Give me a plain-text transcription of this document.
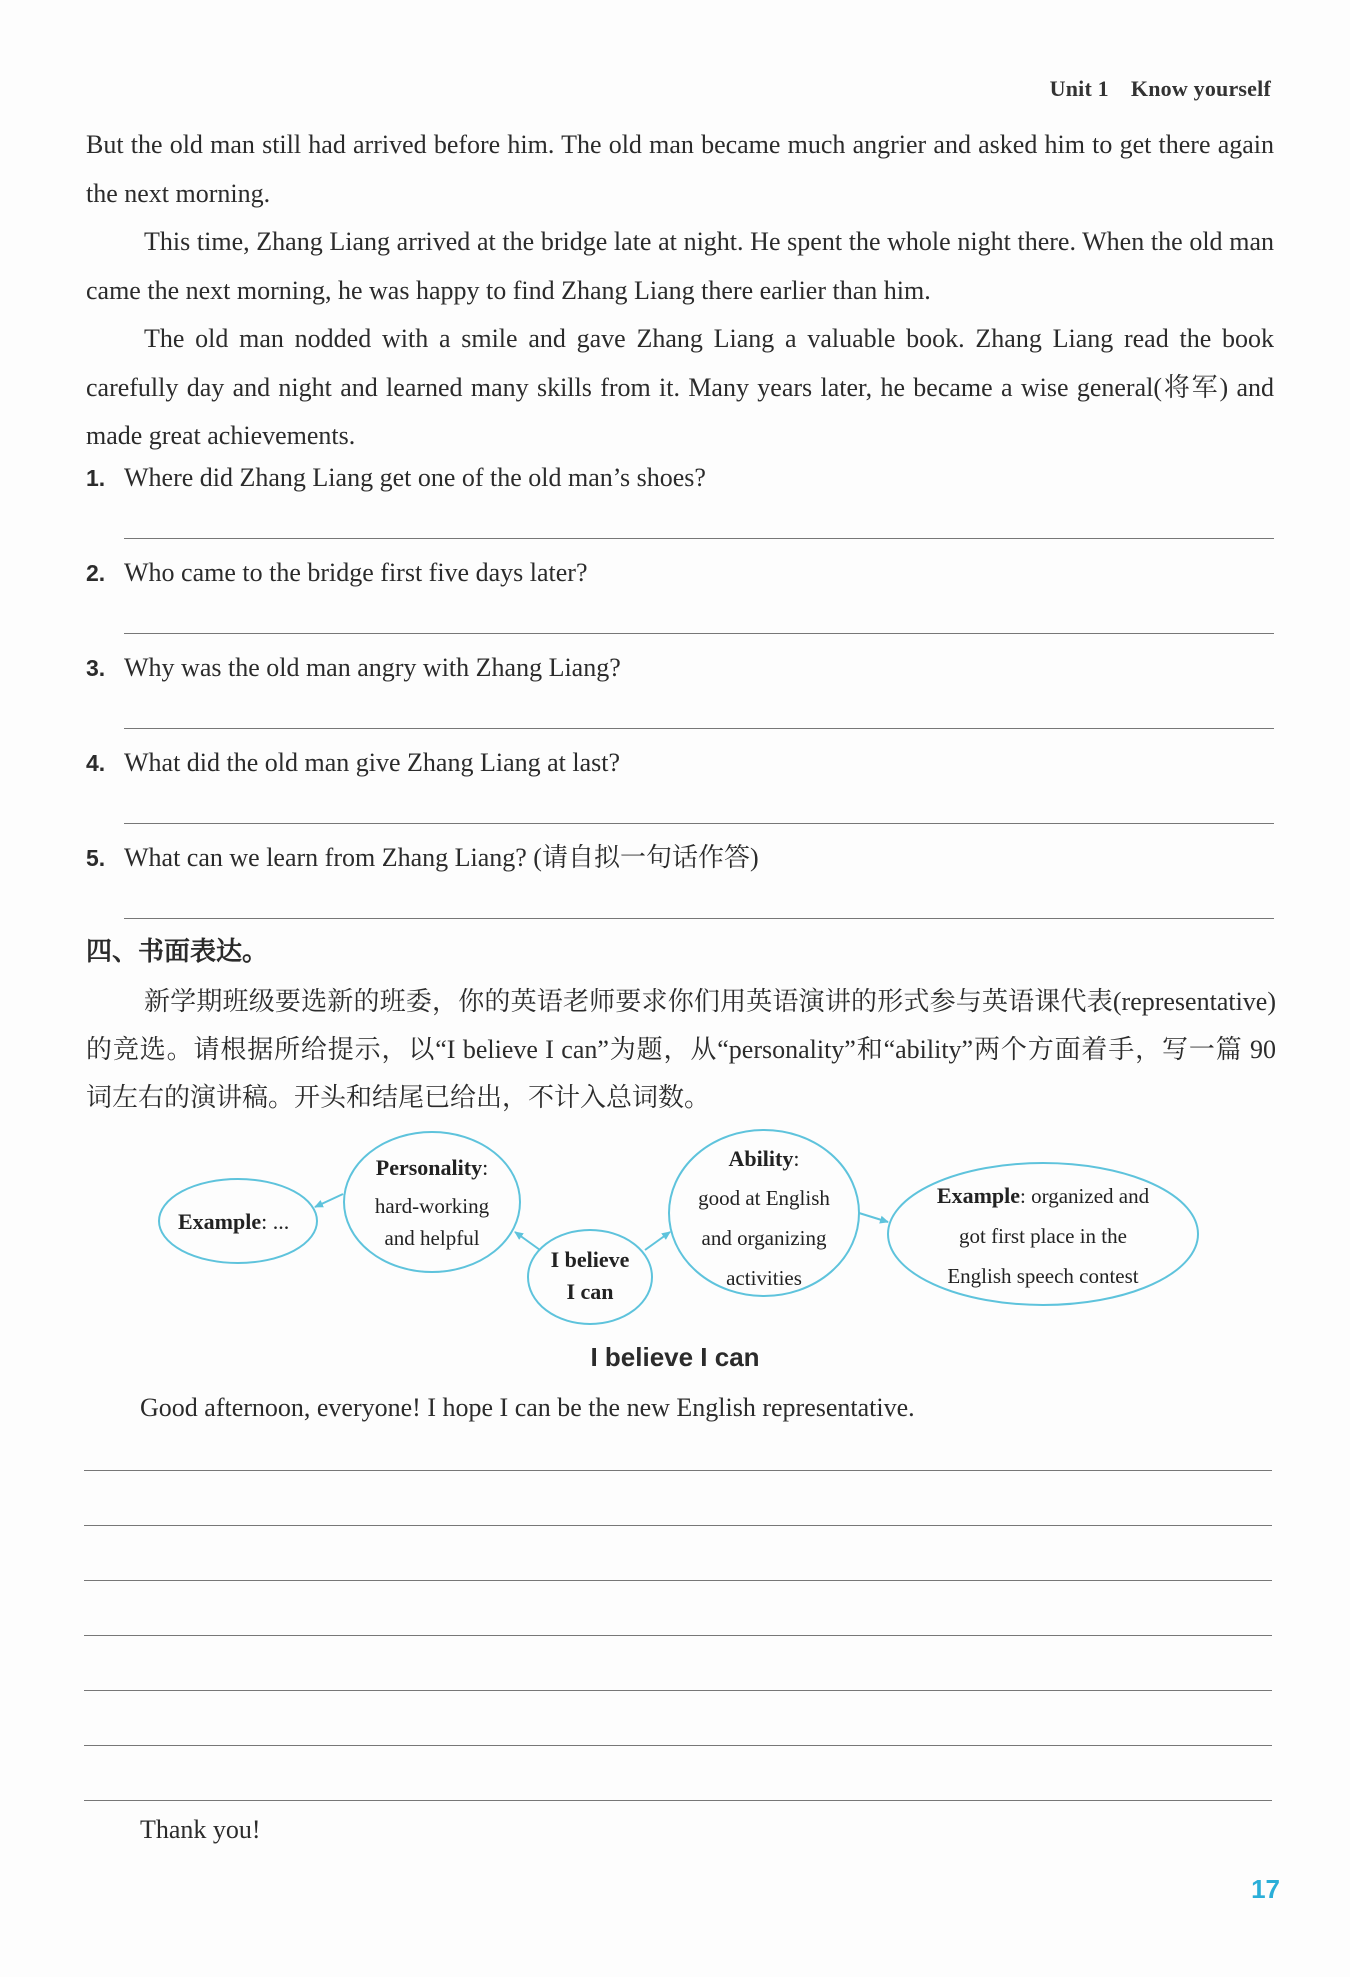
Unit 1 Know yourself

But the old man still had arrived before him. The old man became much angrier and asked him to get there again the next morning.

This time, Zhang Liang arrived at the bridge late at night. He spent the whole night there. When the old man came the next morning, he was happy to find Zhang Liang there earlier than him.

The old man nodded with a smile and gave Zhang Liang a valuable book. Zhang Liang read the book carefully day and night and learned many skills from it. Many years later, he became a wise general(将军) and made great achievements.

1. Where did Zhang Liang get one of the old man’s shoes?
2. Who came to the bridge first five days later?
3. Why was the old man angry with Zhang Liang?
4. What did the old man give Zhang Liang at last?
5. What can we learn from Zhang Liang? (请自拟一句话作答)
四、书面表达。

新学期班级要选新的班委，你的英语老师要求你们用英语演讲的形式参与英语课代表(representative)的竞选。请根据所给提示，以“I believe I can”为题，从“personality”和“ability”两个方面着手，写一篇 90 词左右的演讲稿。开头和结尾已给出，不计入总词数。

Example: ...
Personality:
hard-working
and helpful
I believe
I can
Ability:
good at English
and organizing
activities
Example: organized and
got first place in the
English speech contest
I believe I can
Good afternoon, everyone! I hope I can be the new English representative.
Thank you!
17
